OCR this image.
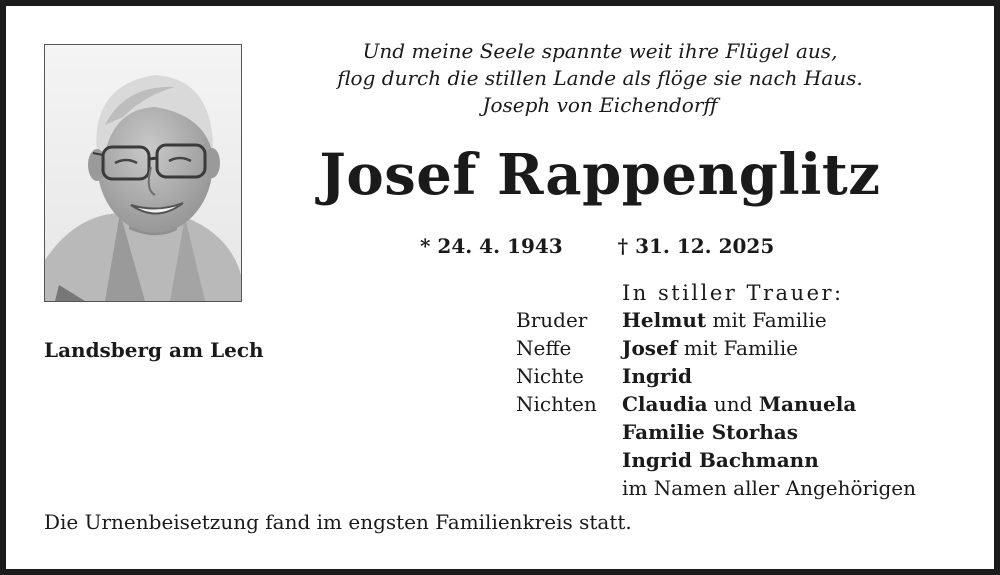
Landsberg am Lech
Und meine Seele spannte weit ihre Flügel aus,
flog durch die stillen Lande als flöge sie nach Haus.
Joseph von Eichendorff
Josef Rappenglitz
* 24. 4. 1943	† 31. 12. 2025
In stiller Trauer:
Bruder Helmut mit Familie
Neffe	Josef mit Familie
Nichte Ingrid
Nichten Claudia und Manuela
Familie Storhas
Ingrid Bachmann
im Namen aller Angehörigen
Die Urnenbeisetzung fand im engsten Familienkreis statt.
